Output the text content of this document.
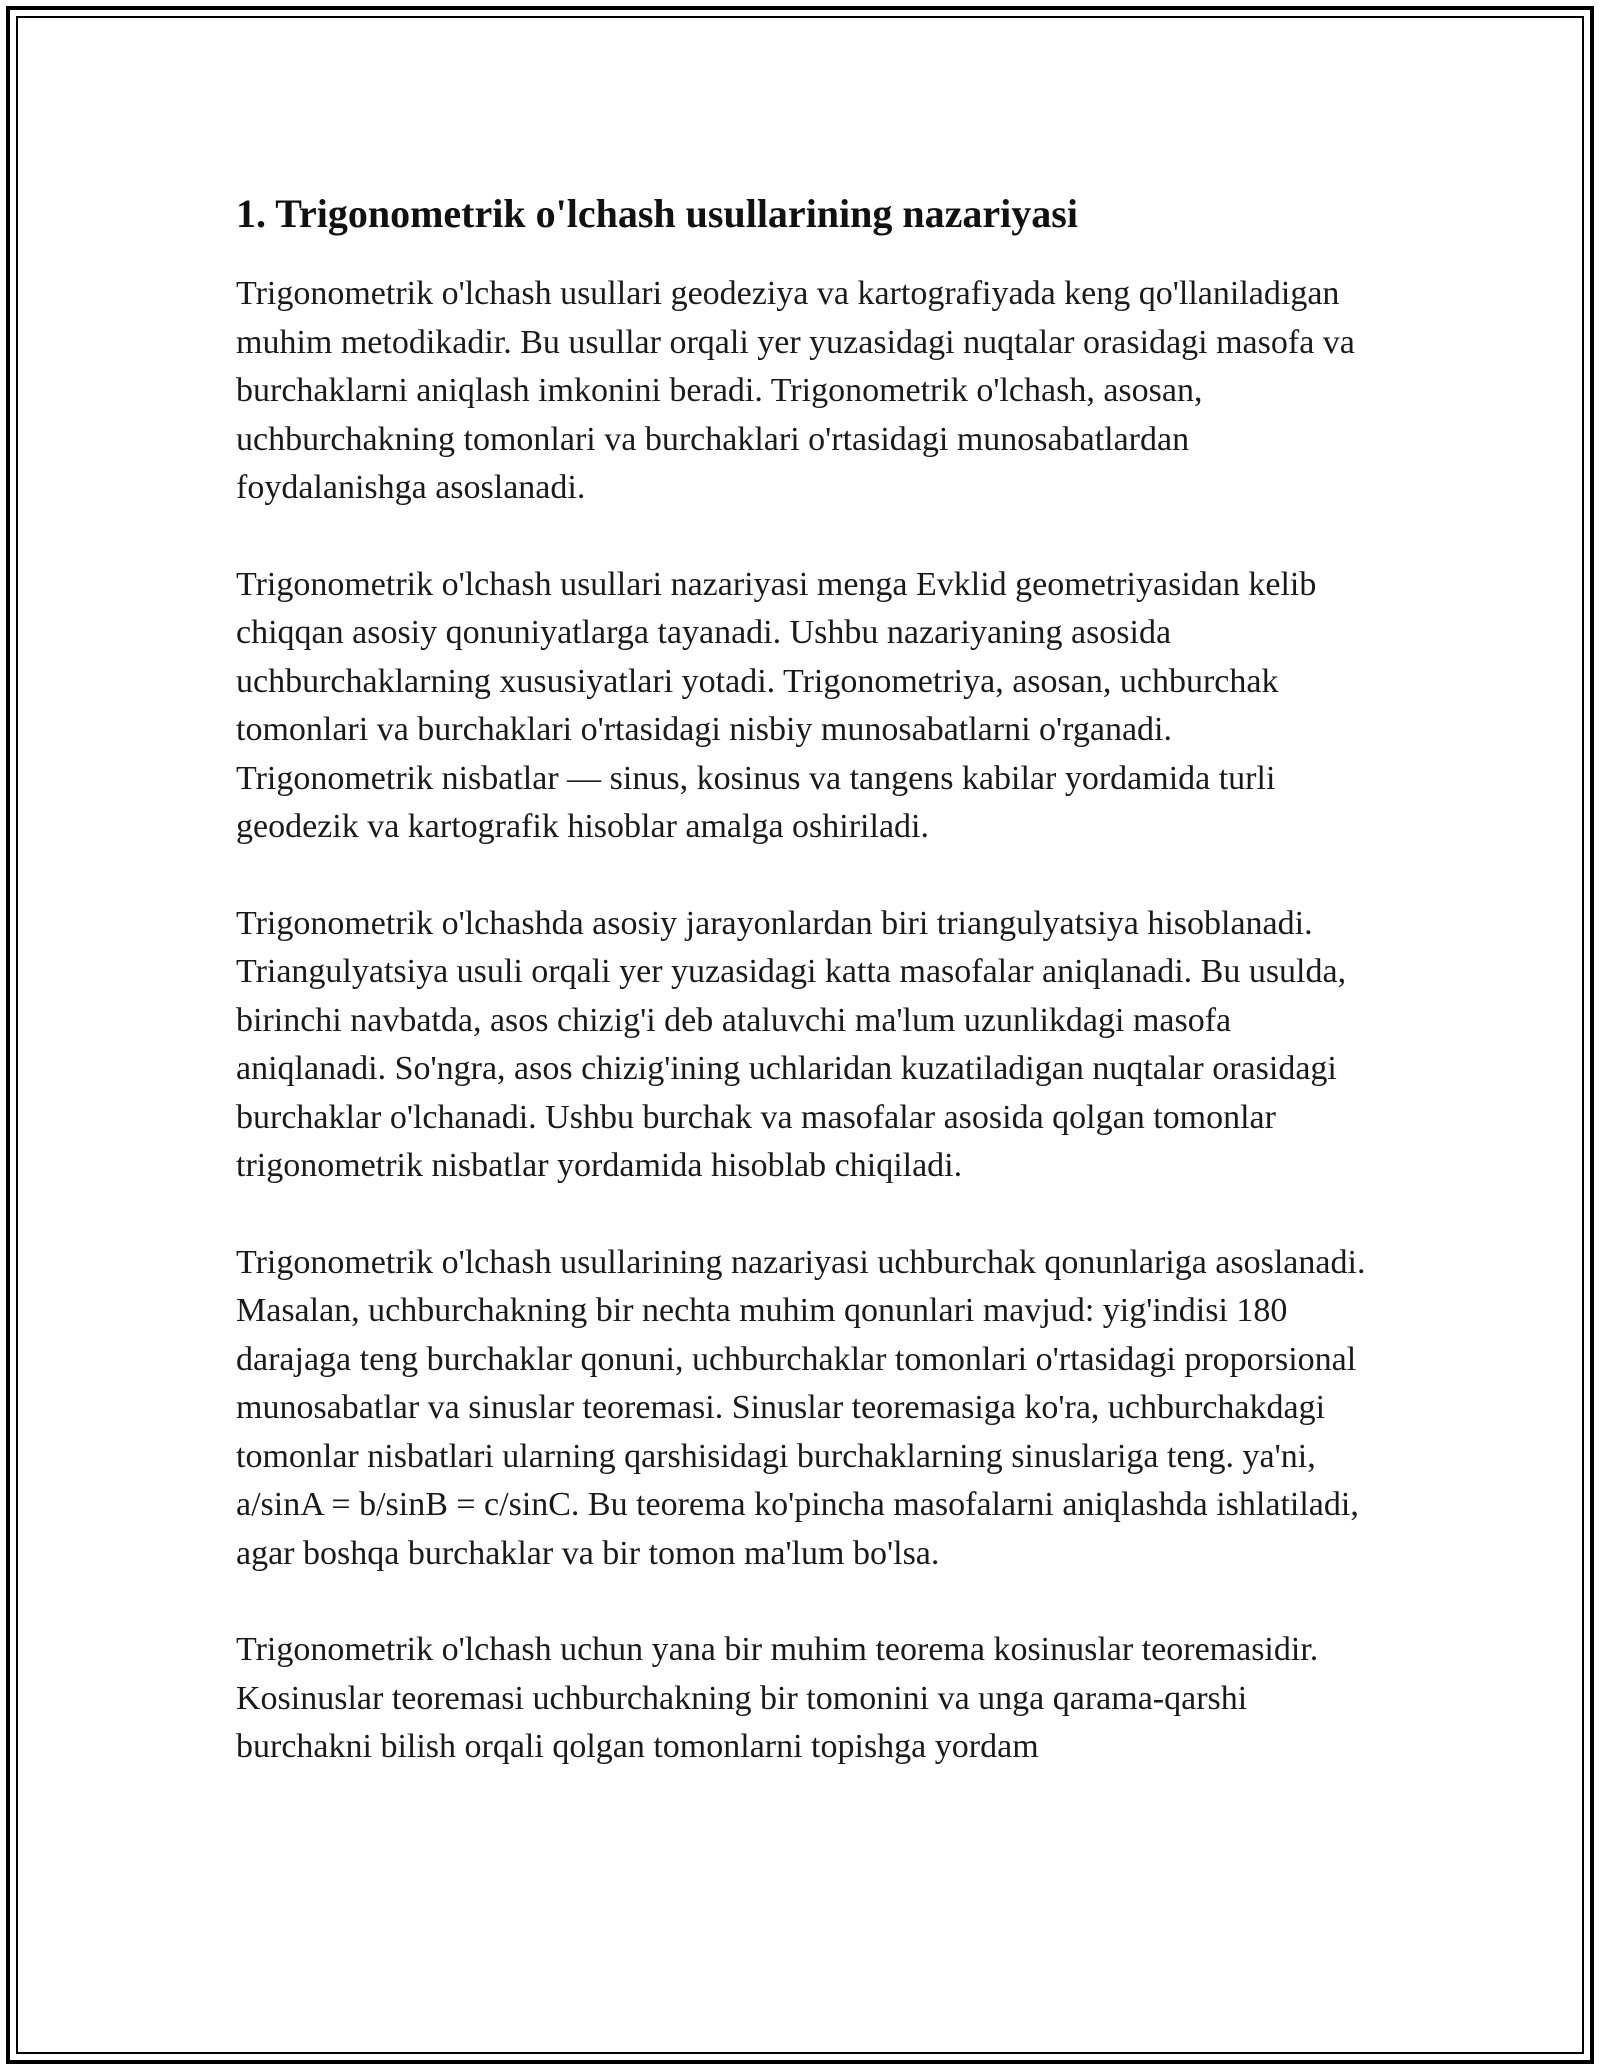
1. Trigonometrik o'lchash usullarining nazariyasi

Trigonometrik o'lchash usullari geodeziya va kartografiyada keng qo'llaniladigan muhim metodikadir. Bu usullar orqali yer yuzasidagi nuqtalar orasidagi masofa va burchaklarni aniqlash imkonini beradi. Trigonometrik o'lchash, asosan, uchburchakning tomonlari va burchaklari o'rtasidagi munosabatlardan foydalanishga asoslanadi.

Trigonometrik o'lchash usullari nazariyasi menga Evklid geometriyasidan kelib chiqqan asosiy qonuniyatlarga tayanadi. Ushbu nazariyaning asosida uchburchaklarning xususiyatlari yotadi. Trigonometriya, asosan, uchburchak tomonlari va burchaklari o'rtasidagi nisbiy munosabatlarni o'rganadi. Trigonometrik nisbatlar — sinus, kosinus va tangens kabilar yordamida turli geodezik va kartografik hisoblar amalga oshiriladi.

Trigonometrik o'lchashda asosiy jarayonlardan biri triangulyatsiya hisoblanadi. Triangulyatsiya usuli orqali yer yuzasidagi katta masofalar aniqlanadi. Bu usulda, birinchi navbatda, asos chizig'i deb ataluvchi ma'lum uzunlikdagi masofa aniqlanadi. So'ngra, asos chizig'ining uchlaridan kuzatiladigan nuqtalar orasidagi burchaklar o'lchanadi. Ushbu burchak va masofalar asosida qolgan tomonlar trigonometrik nisbatlar yordamida hisoblab chiqiladi.

Trigonometrik o'lchash usullarining nazariyasi uchburchak qonunlariga asoslanadi. Masalan, uchburchakning bir nechta muhim qonunlari mavjud: yig'indisi 180 darajaga teng burchaklar qonuni, uchburchaklar tomonlari o'rtasidagi proporsional munosabatlar va sinuslar teoremasi. Sinuslar teoremasiga ko'ra, uchburchakdagi tomonlar nisbatlari ularning qarshisidagi burchaklarning sinuslariga teng. ya'ni, a/sinA = b/sinB = c/sinC. Bu teorema ko'pincha masofalarni aniqlashda ishlatiladi, agar boshqa burchaklar va bir tomon ma'lum bo'lsa.

Trigonometrik o'lchash uchun yana bir muhim teorema kosinuslar teoremasidir. Kosinuslar teoremasi uchburchakning bir tomonini va unga qarama-qarshi burchakni bilish orqali qolgan tomonlarni topishga yordam
